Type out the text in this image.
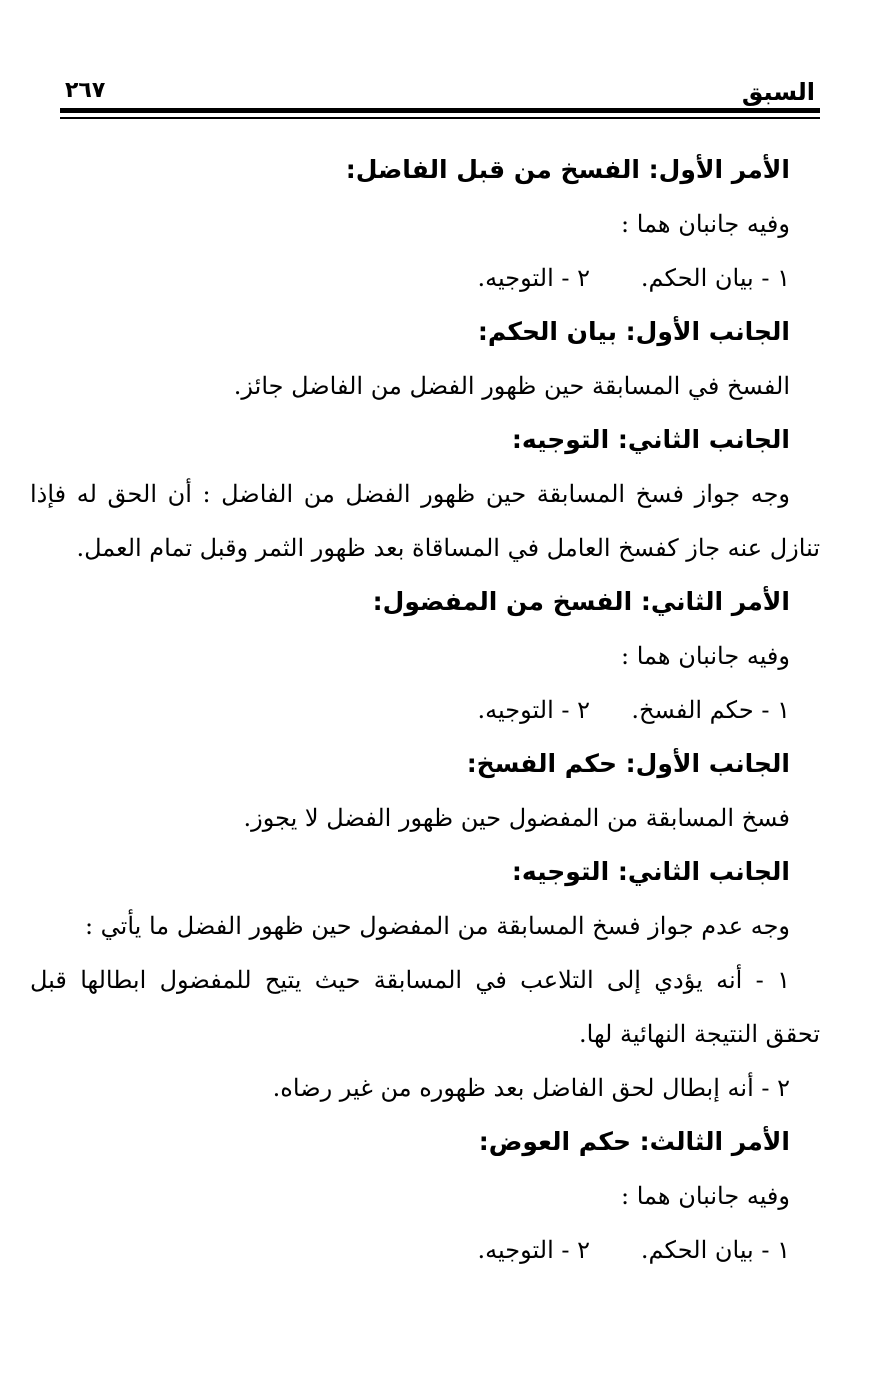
السبق
٢٦٧
الأمر الأول: الفسخ من قبل الفاضل:
وفيه جانبان هما :
١ - بيان الحكم.
٢ - التوجيه.
الجانب الأول: بيان الحكم:
الفسخ في المسابقة حين ظهور الفضل من الفاضل جائز.
الجانب الثاني: التوجيه:
وجه جواز فسخ المسابقة حين ظهور الفضل من الفاضل : أن الحق له فإذا
تنازل عنه جاز كفسخ العامل في المساقاة بعد ظهور الثمر وقبل تمام العمل.
الأمر الثاني: الفسخ من المفضول:
وفيه جانبان هما :
١ - حكم الفسخ.
٢ - التوجيه.
الجانب الأول: حكم الفسخ:
فسخ المسابقة من المفضول حين ظهور الفضل لا يجوز.
الجانب الثاني: التوجيه:
وجه عدم جواز فسخ المسابقة من المفضول حين ظهور الفضل ما يأتي :
١ - أنه يؤدي إلى التلاعب في المسابقة حيث يتيح للمفضول ابطالها قبل
تحقق النتيجة النهائية لها.
٢ - أنه إبطال لحق الفاضل بعد ظهوره من غير رضاه.
الأمر الثالث: حكم العوض:
وفيه جانبان هما :
١ - بيان الحكم.
٢ - التوجيه.
